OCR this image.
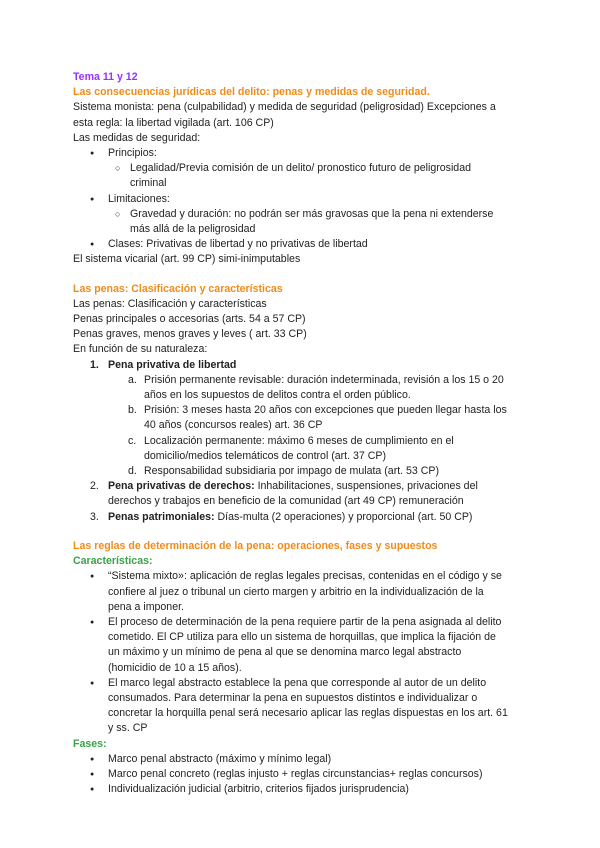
Tema 11 y 12
Las consecuencias jurídicas del delito: penas y medidas de seguridad.
Sistema monista: pena (culpabilidad) y medida de seguridad (peligrosidad) Excepciones a
esta regla: la libertad vigilada (art. 106 CP)
Las medidas de seguridad:
● Principios:
○ Legalidad/Previa comisión de un delito/ pronostico futuro de peligrosidad
criminal
● Limitaciones:
○ Gravedad y duración: no podrán ser más gravosas que la pena ni extenderse
más allá de la peligrosidad
● Clases: Privativas de libertad y no privativas de libertad
El sistema vicarial (art. 99 CP) simi-inimputables
Las penas: Clasificación y características
Las penas: Clasificación y características
Penas principales o accesorias (arts. 54 a 57 CP)
Penas graves, menos graves y leves ( art. 33 CP)
En función de su naturaleza:
1. Pena privativa de libertad
a. Prisión permanente revisable: duración indeterminada, revisión a los 15 o 20
años en los supuestos de delitos contra el orden público.
b. Prisión: 3 meses hasta 20 años con excepciones que pueden llegar hasta los
40 años (concursos reales) art. 36 CP
c. Localización permanente: máximo 6 meses de cumplimiento en el
domicilio/medios telemáticos de control (art. 37 CP)
d. Responsabilidad subsidiaria por impago de mulata (art. 53 CP)
2. Pena privativas de derechos: Inhabilitaciones, suspensiones, privaciones del
derechos y trabajos en beneficio de la comunidad (art 49 CP) remuneración
3. Penas patrimoniales: Días-multa (2 operaciones) y proporcional (art. 50 CP)
Las reglas de determinación de la pena: operaciones, fases y supuestos
Características:
● “Sistema mixto»: aplicación de reglas legales precisas, contenidas en el código y se
confiere al juez o tribunal un cierto margen y arbitrio en la individualización de la
pena a imponer.
● El proceso de determinación de la pena requiere partir de la pena asignada al delito
cometido. El CP utiliza para ello un sistema de horquillas, que implica la fijación de
un máximo y un mínimo de pena al que se denomina marco legal abstracto
(homicidio de 10 a 15 años).
● El marco legal abstracto establece la pena que corresponde al autor de un delito
consumados. Para determinar la pena en supuestos distintos e individualizar o
concretar la horquilla penal será necesario aplicar las reglas dispuestas en los art. 61
y ss. CP
Fases:
● Marco penal abstracto (máximo y mínimo legal)
● Marco penal concreto (reglas injusto + reglas circunstancias+ reglas concursos)
● Individualización judicial (arbitrio, criterios fijados jurisprudencia)
